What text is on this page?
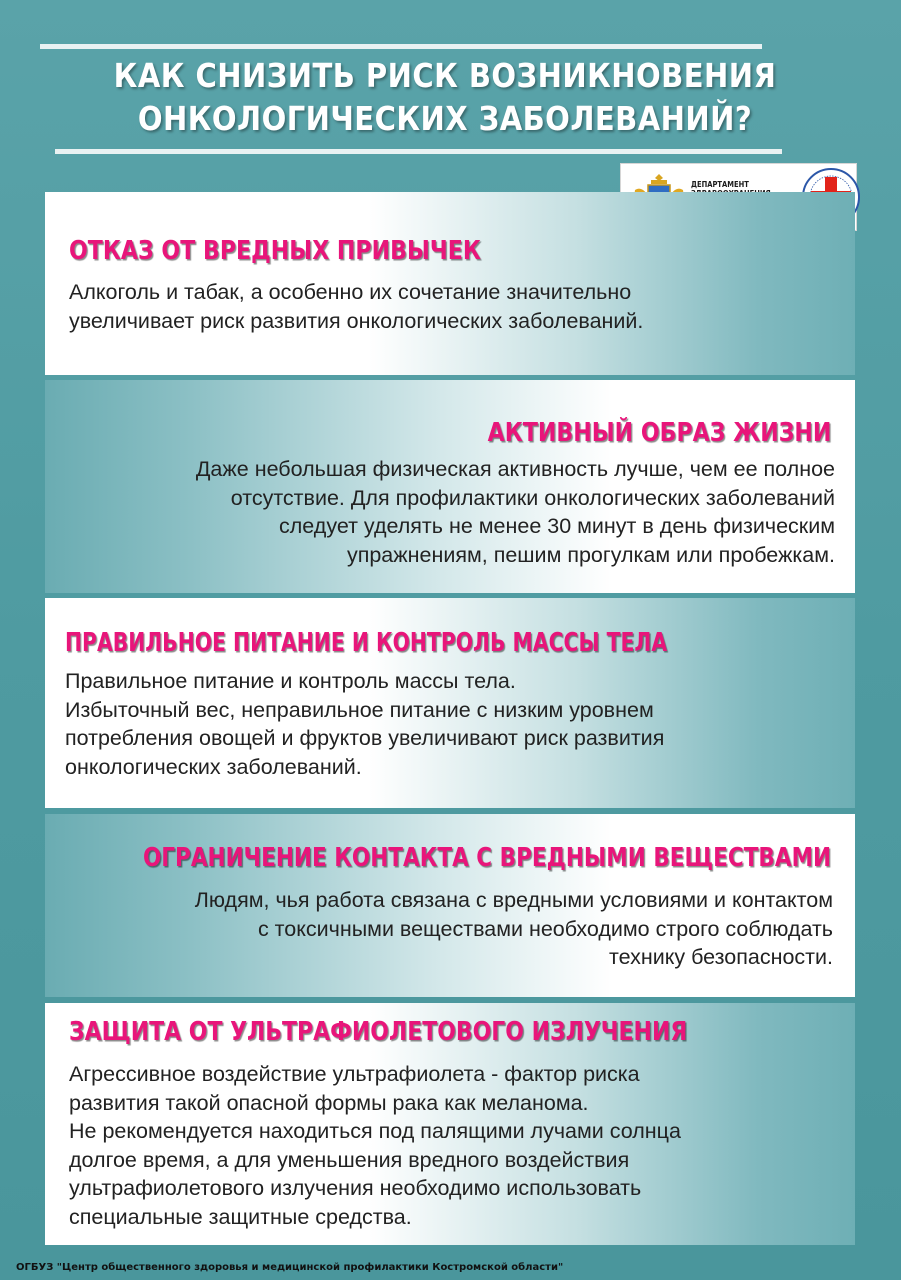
КАК СНИЗИТЬ РИСК ВОЗНИКНОВЕНИЯ
ОНКОЛОГИЧЕСКИХ ЗАБОЛЕВАНИЙ?
ДЕПАРТАМЕНТ
ОТКАЗ ОТ ВРЕДНЫХ ПРИВЫЧЕК

Алкоголь и табак, а особенно их сочетание значительно
увеличивает риск развития онкологических заболеваний.

АКТИВНЫЙ ОБРАЗ ЖИЗНИ

Даже небольшая физическая активность лучше, чем ее полное
отсутствие. Для профилактики онкологических заболеваний
следует уделять не менее 30 минут в день физическим
упражнениям, пешим прогулкам или пробежкам.

ПРАВИЛЬНОЕ ПИТАНИЕ И КОНТРОЛЬ МАССЫ ТЕЛА

Правильное питание и контроль массы тела.
Избыточный вес, неправильное питание с низким уровнем
потребления овощей и фруктов увеличивают риск развития
онкологических заболеваний.

ОГРАНИЧЕНИЕ КОНТАКТА С ВРЕДНЫМИ ВЕЩЕСТВАМИ

Людям, чья работа связана с вредными условиями и контактом
с токсичными веществами необходимо строго соблюдать
технику безопасности.

ЗАЩИТА ОТ УЛЬТРАФИОЛЕТОВОГО ИЗЛУЧЕНИЯ

Агрессивное воздействие ультрафиолета - фактор риска
развития такой опасной формы рака как меланома.
Не рекомендуется находиться под палящими лучами солнца
долгое время, а для уменьшения вредного воздействия
ультрафиолетового излучения необходимо использовать
специальные защитные средства.

ОГБУЗ "Центр общественного здоровья и медицинской профилактики Костромской области"
